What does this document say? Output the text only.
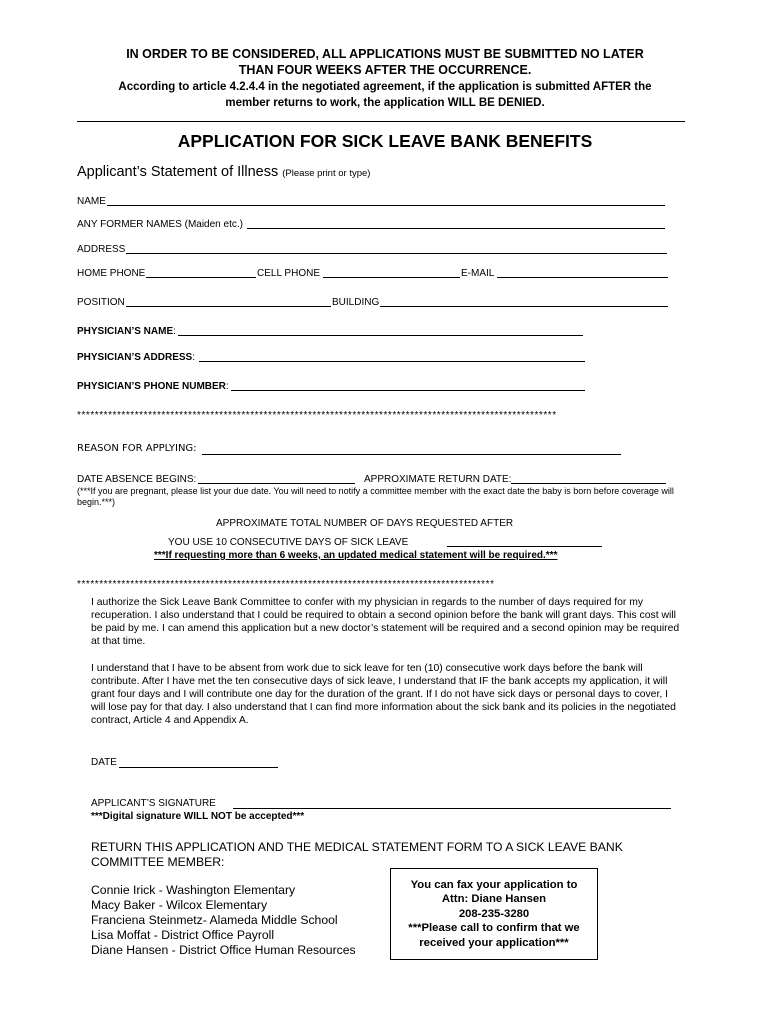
IN ORDER TO BE CONSIDERED, ALL APPLICATIONS MUST BE SUBMITTED NO LATER
THAN FOUR WEEKS AFTER THE OCCURRENCE.
According to article 4.2.4.4 in the negotiated agreement, if the application is submitted AFTER the
member returns to work, the application WILL BE DENIED.
APPLICATION FOR SICK LEAVE BANK BENEFITS
Applicant’s Statement of Illness (Please print or type)
NAME
ANY FORMER NAMES (Maiden etc.)
ADDRESS
HOME PHONE	CELL PHONE	E-MAIL
POSITION	BUILDING
PHYSICIAN’S NAME:
PHYSICIAN’S ADDRESS:
PHYSICIAN’S PHONE NUMBER:
************************************************************************************************************
REASON FOR APPLYING:
DATE ABSENCE BEGINS:	APPROXIMATE RETURN DATE:
(***If you are pregnant, please list your due date. You will need to notify a committee member with the exact date the baby is born before coverage will begin.***)
APPROXIMATE TOTAL NUMBER OF DAYS REQUESTED AFTER
YOU USE 10 CONSECUTIVE DAYS OF SICK LEAVE
***If requesting more than 6 weeks, an updated medical statement will be required.***
**********************************************************************************************
I authorize the Sick Leave Bank Committee to confer with my physician in regards to the number of days required for my recuperation. I also understand that I could be required to obtain a second opinion before the bank will grant days. This cost will be paid by me. I can amend this application but a new doctor’s statement will be required and a second opinion may be required at that time.
I understand that I have to be absent from work due to sick leave for ten (10) consecutive work days before the bank will contribute. After I have met the ten consecutive days of sick leave, I understand that IF the bank accepts my application, it will grant four days and I will contribute one day for the duration of the grant. If I do not have sick days or personal days to cover, I will lose pay for that day. I also understand that I can find more information about the sick bank and its policies in the negotiated contract, Article 4 and Appendix A.
DATE
APPLICANT’S SIGNATURE
***Digital signature WILL NOT be accepted***
RETURN THIS APPLICATION AND THE MEDICAL STATEMENT FORM TO A SICK LEAVE BANK COMMITTEE MEMBER:
Connie Irick - Washington Elementary
Macy Baker - Wilcox Elementary
Franciena Steinmetz- Alameda Middle School
Lisa Moffat - District Office Payroll
Diane Hansen - District Office Human Resources
You can fax your application to
Attn: Diane Hansen
208-235-3280
***Please call to confirm that we
received your application***
